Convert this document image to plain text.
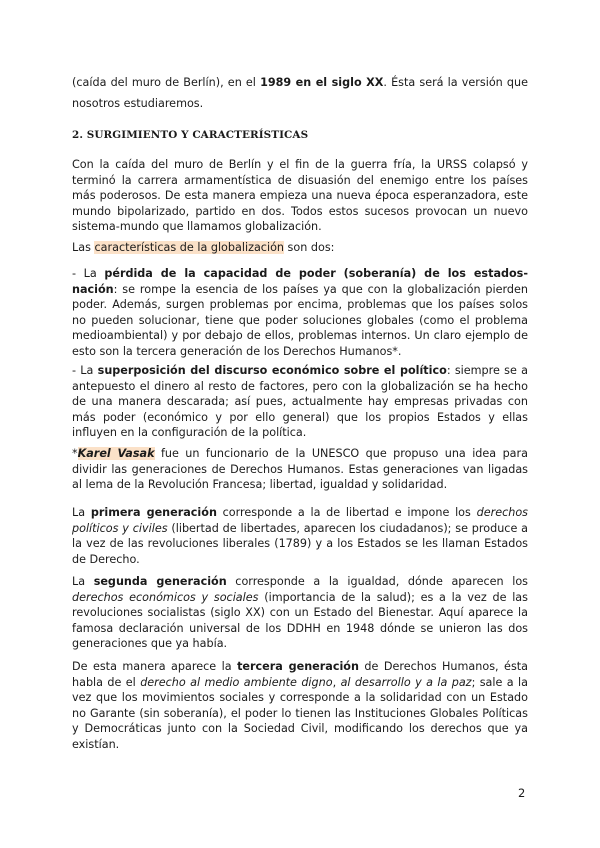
(caída del muro de Berlín), en el 1989 en el siglo XX. Ésta será la versión que nosotros estudiaremos.

2. SURGIMIENTO Y CARACTERÍSTICAS

Con la caída del muro de Berlín y el fin de la guerra fría, la URSS colapsó y terminó la carrera armamentística de disuasión del enemigo entre los países más poderosos. De esta manera empieza una nueva época esperanzadora, este mundo bipolarizado, partido en dos. Todos estos sucesos provocan un nuevo sistema-mundo que llamamos globalización.

Las características de la globalización son dos:

- La pérdida de la capacidad de poder (soberanía) de los estados-nación: se rompe la esencia de los países ya que con la globalización pierden poder. Además, surgen problemas por encima, problemas que los países solos no pueden solucionar, tiene que poder soluciones globales (como el problema medioambiental) y por debajo de ellos, problemas internos. Un claro ejemplo de esto son la tercera generación de los Derechos Humanos*.

- La superposición del discurso económico sobre el político: siempre se a antepuesto el dinero al resto de factores, pero con la globalización se ha hecho de una manera descarada; así pues, actualmente hay empresas privadas con más poder (económico y por ello general) que los propios Estados y ellas influyen en la configuración de la política.

*Karel Vasak fue un funcionario de la UNESCO que propuso una idea para dividir las generaciones de Derechos Humanos. Estas generaciones van ligadas al lema de la Revolución Francesa; libertad, igualdad y solidaridad.

La primera generación corresponde a la de libertad e impone los derechos políticos y civiles (libertad de libertades, aparecen los ciudadanos); se produce a la vez de las revoluciones liberales (1789) y a los Estados se les llaman Estados de Derecho.

La segunda generación corresponde a la igualdad, dónde aparecen los derechos económicos y sociales (importancia de la salud); es a la vez de las revoluciones socialistas (siglo XX) con un Estado del Bienestar. Aquí aparece la famosa declaración universal de los DDHH en 1948 dónde se unieron las dos generaciones que ya había.

De esta manera aparece la tercera generación de Derechos Humanos, ésta habla de el derecho al medio ambiente digno, al desarrollo y a la paz; sale a la vez que los movimientos sociales y corresponde a la solidaridad con un Estado no Garante (sin soberanía), el poder lo tienen las Instituciones Globales Políticas y Democráticas junto con la Sociedad Civil, modificando los derechos que ya existían.

2
